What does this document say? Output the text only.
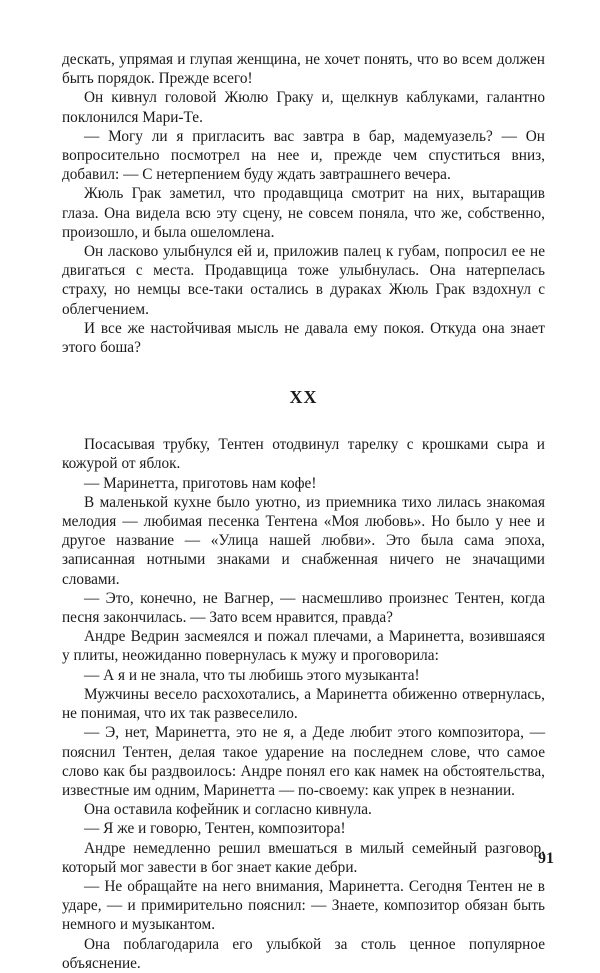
дескать, упрямая и глупая женщина, не хочет понять, что во всем должен быть порядок. Прежде всего!

Он кивнул головой Жюлю Граку и, щелкнув каблуками, галантно поклонился Мари-Те.

— Могу ли я пригласить вас завтра в бар, мадемуазель? — Он вопросительно посмотрел на нее и, прежде чем спуститься вниз, добавил: — С нетерпением буду ждать завтрашнего вечера.

Жюль Грак заметил, что продавщица смотрит на них, вытаращив глаза. Она видела всю эту сцену, не совсем поняла, что же, собственно, произошло, и была ошеломлена.

Он ласково улыбнулся ей и, приложив палец к губам, попросил ее не двигаться с места. Продавщица тоже улыбнулась. Она натерпелась страху, но немцы все-таки остались в дураках Жюль Грак вздохнул с облегчением.

И все же настойчивая мысль не давала ему покоя. Откуда она знает этого боша?

XX

Посасывая трубку, Тентен отодвинул тарелку с крошками сыра и кожурой от яблок.

— Маринетта, приготовь нам кофе!

В маленькой кухне было уютно, из приемника тихо лилась знакомая мелодия — любимая песенка Тентена «Моя любовь». Но было у нее и другое название — «Улица нашей любви». Это была сама эпоха, записанная нотными знаками и снабженная ничего не значащими словами.

— Это, конечно, не Вагнер, — насмешливо произнес Тентен, когда песня закончилась. — Зато всем нравится, правда?

Андре Ведрин засмеялся и пожал плечами, а Маринетта, возившаяся у плиты, неожиданно повернулась к мужу и проговорила:

— А я и не знала, что ты любишь этого музыканта!

Мужчины весело расхохотались, а Маринетта обиженно отвернулась, не понимая, что их так развеселило.

— Э, нет, Маринетта, это не я, а Деде любит этого композитора, — пояснил Тентен, делая такое ударение на последнем слове, что самое слово как бы раздвоилось: Андре понял его как намек на обстоятельства, известные им одним, Маринетта — по-своему: как упрек в незнании.

Она оставила кофейник и согласно кивнула.

— Я же и говорю, Тентен, композитора!

Андре немедленно решил вмешаться в милый семейный разговор, который мог завести в бог знает какие дебри.

— Не обращайте на него внимания, Маринетта. Сегодня Тентен не в ударе, — и примирительно пояснил: — Знаете, композитор обязан быть немного и музыкантом.

Она поблагодарила его улыбкой за столь ценное популярное объяснение.

91
